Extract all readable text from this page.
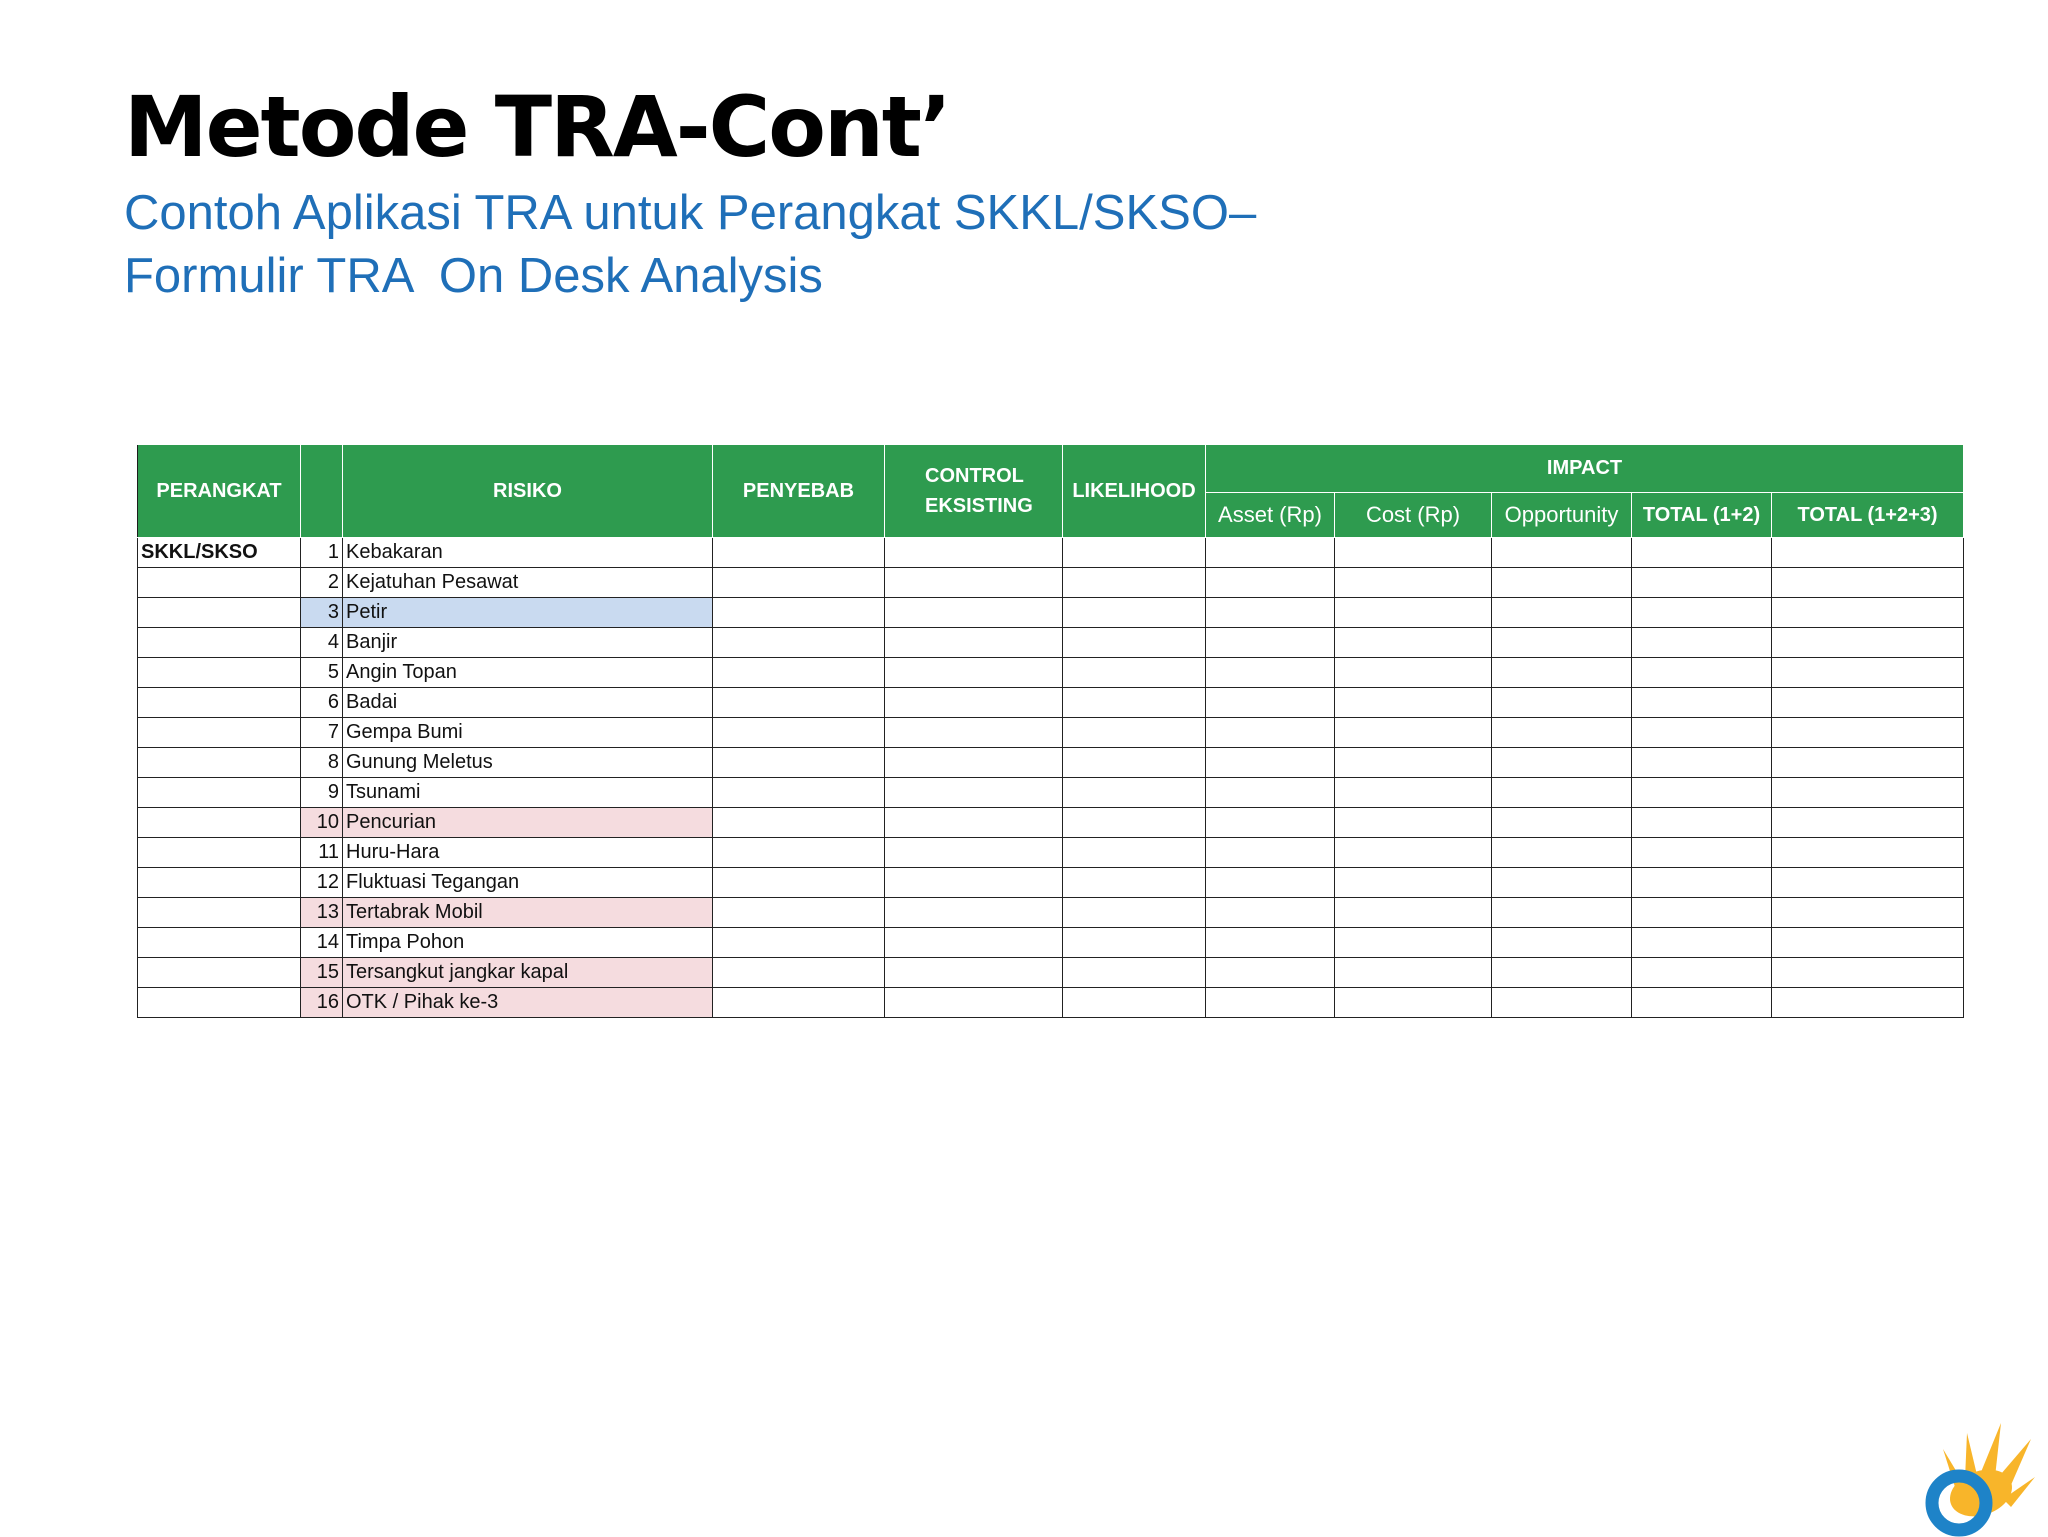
Metode TRA-Cont’
Contoh Aplikasi TRA untuk Perangkat SKKL/SKSO–
Formulir TRA  On Desk Analysis
PERANGKAT		RISIKO	PENYEBAB	CONTROL EKSISTING	LIKELIHOOD	IMPACT				
						Asset (Rp)	Cost (Rp)	Opportunity	TOTAL (1+2)	TOTAL (1+2+3)
SKKL/SKSO	1	Kebakaran								
	2	Kejatuhan Pesawat								
	3	Petir								
	4	Banjir								
	5	Angin Topan								
	6	Badai								
	7	Gempa Bumi								
	8	Gunung Meletus								
	9	Tsunami								
	10	Pencurian								
	11	Huru-Hara								
	12	Fluktuasi Tegangan								
	13	Tertabrak Mobil								
	14	Timpa Pohon								
	15	Tersangkut jangkar kapal								
	16	OTK / Pihak ke-3								
